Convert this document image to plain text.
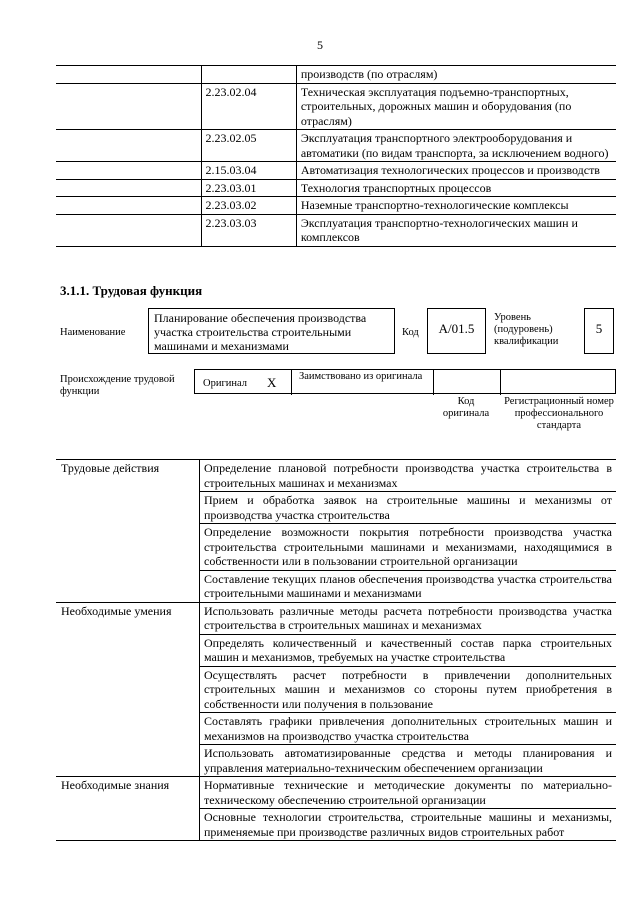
5
		производств (по отраслям)
	2.23.02.04	Техническая эксплуатация подъемно-транспортных, строительных, дорожных машин и оборудования (по отраслям)
	2.23.02.05	Эксплуатация транспортного электрооборудования и автоматики (по видам транспорта, за исключением водного)
	2.15.03.04	Автоматизация технологических процессов и производств
	2.23.03.01	Технология транспортных процессов
	2.23.03.02	Наземные транспортно-технологические комплексы
	2.23.03.03	Эксплуатация транспортно-технологических машин и комплексов
3.1.1. Трудовая функция
Наименование
Планирование обеспечения производства участка строительства строительными машинами и механизмами
Код	А/01.5
Уровень (подуровень) квалификации
5
Происхождение трудовой функции
Оригинал X Заимствовано из оригинала
Код оригинала
Регистрационный номер профессионального стандарта
Трудовые действия	Определение плановой потребности производства участка строительства в строительных машинах и механизмах
	Прием и обработка заявок на строительные машины и механизмы от производства участка строительства
	Определение возможности покрытия потребности производства участка строительства строительными машинами и механизмами, находящимися в собственности или в пользовании строительной организации
	Составление текущих планов обеспечения производства участка строительства строительными машинами и механизмами
Необходимые умения	Использовать различные методы расчета потребности производства участка строительства в строительных машинах и механизмах
	Определять количественный и качественный состав парка строительных машин и механизмов, требуемых на участке строительства
	Осуществлять расчет потребности в привлечении дополнительных строительных машин и механизмов со стороны путем приобретения в собственности или получения в пользование
	Составлять графики привлечения дополнительных строительных машин и механизмов на производство участка строительства
	Использовать автоматизированные средства и методы планирования и управления материально-техническим обеспечением организации
Необходимые знания	Нормативные технические и методические документы по материально-техническому обеспечению строительной организации
	Основные технологии строительства, строительные машины и механизмы, применяемые при производстве различных видов строительных работ
